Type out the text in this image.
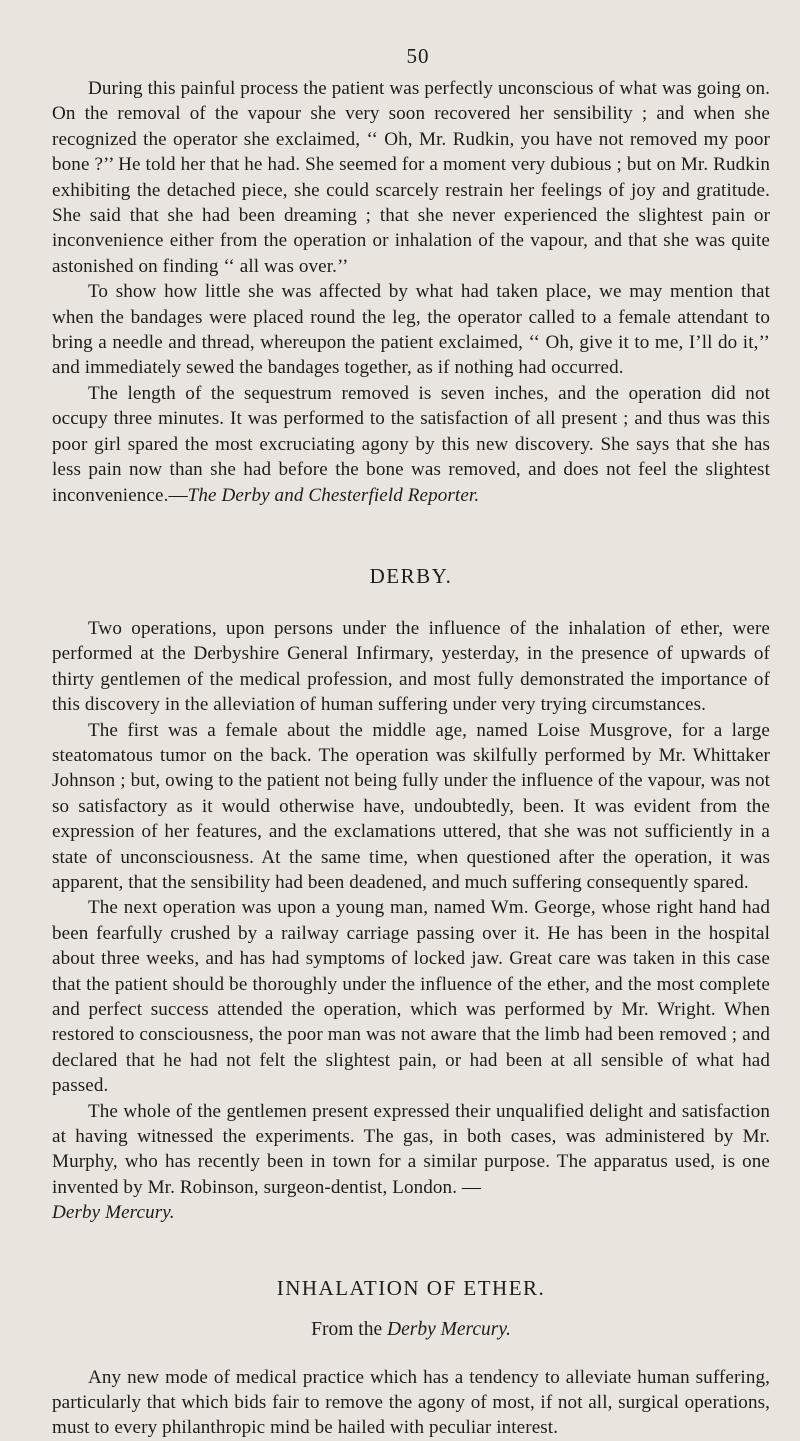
50

During this painful process the patient was perfectly unconscious of what was going on. On the removal of the vapour she very soon recovered her sensibility ; and when she recognized the operator she exclaimed, ‘‘ Oh, Mr. Rudkin, you have not removed my poor bone ?’’ He told her that he had. She seemed for a moment very dubious ; but on Mr. Rudkin exhibiting the detached piece, she could scarcely restrain her feelings of joy and gratitude. She said that she had been dreaming ; that she never experienced the slightest pain or inconvenience either from the operation or inhalation of the vapour, and that she was quite astonished on finding ‘‘ all was over.’’

To show how little she was affected by what had taken place, we may mention that when the bandages were placed round the leg, the operator called to a female attendant to bring a needle and thread, whereupon the patient exclaimed, ‘‘ Oh, give it to me, I’ll do it,’’ and immediately sewed the bandages together, as if nothing had occurred.

The length of the sequestrum removed is seven inches, and the operation did not occupy three minutes. It was performed to the satisfaction of all present ; and thus was this poor girl spared the most excruciating agony by this new discovery. She says that she has less pain now than she had before the bone was removed, and does not feel the slightest inconvenience.—The Derby and Chesterfield Reporter.

DERBY.

Two operations, upon persons under the influence of the inhalation of ether, were performed at the Derbyshire General Infirmary, yesterday, in the presence of upwards of thirty gentlemen of the medical profession, and most fully demonstrated the importance of this discovery in the alleviation of human suffering under very trying circumstances.

The first was a female about the middle age, named Loise Musgrove, for a large steatomatous tumor on the back. The operation was skilfully performed by Mr. Whittaker Johnson ; but, owing to the patient not being fully under the influence of the vapour, was not so satisfactory as it would otherwise have, undoubtedly, been. It was evident from the expression of her features, and the exclamations uttered, that she was not sufficiently in a state of unconsciousness. At the same time, when questioned after the operation, it was apparent, that the sensibility had been deadened, and much suffering consequently spared.

The next operation was upon a young man, named Wm. George, whose right hand had been fearfully crushed by a railway carriage passing over it. He has been in the hospital about three weeks, and has had symptoms of locked jaw. Great care was taken in this case that the patient should be thoroughly under the influence of the ether, and the most complete and perfect success attended the operation, which was performed by Mr. Wright. When restored to consciousness, the poor man was not aware that the limb had been removed ; and declared that he had not felt the slightest pain, or had been at all sensible of what had passed.

The whole of the gentlemen present expressed their unqualified delight and satisfaction at having witnessed the experiments. The gas, in both cases, was administered by Mr. Murphy, who has recently been in town for a similar purpose. The apparatus used, is one invented by Mr. Robinson, surgeon-dentist, London. —
Derby Mercury.

INHALATION OF ETHER.
From the Derby Mercury.

Any new mode of medical practice which has a tendency to alleviate human suffering, particularly that which bids fair to remove the agony of most, if not all, surgical operations, must to every philanthropic mind be hailed with peculiar interest.
